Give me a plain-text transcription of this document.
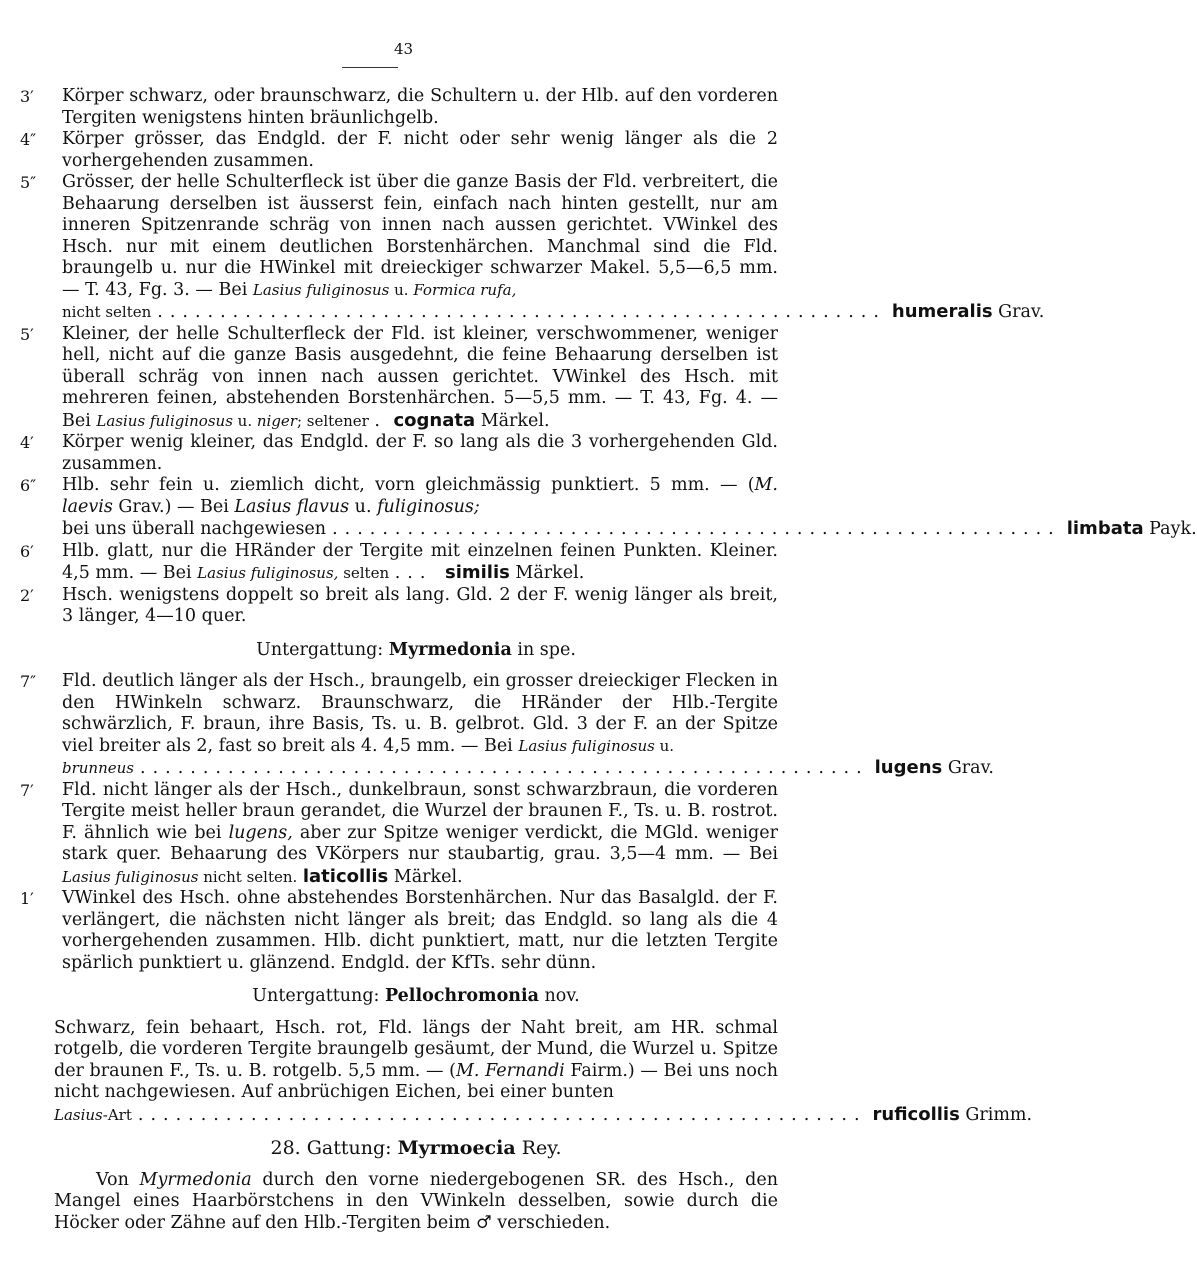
43
3′ Körper schwarz, oder braunschwarz, die Schultern u. der Hlb. auf den vorderen Tergiten wenigstens hinten bräunlichgelb.
4″ Körper grösser, das Endgld. der F. nicht oder sehr wenig länger als die 2 vorhergehenden zusammen.
5″ Grösser, der helle Schulterfleck ist über die ganze Basis der Fld. verbreitert, die Behaarung derselben ist äusserst fein, einfach nach hinten gestellt, nur am inneren Spitzenrande schräg von innen nach aussen gerichtet. VWinkel des Hsch. nur mit einem deutlichen Borstenhärchen. Manchmal sind die Fld. braungelb u. nur die HWinkel mit dreieckiger schwarzer Makel. 5,5—6,5 mm. — T. 43, Fg. 3. — Bei Lasius fuliginosus u. Formica rufa,
nicht selten .......................................................... humeralis Grav.
5′ Kleiner, der helle Schulterfleck der Fld. ist kleiner, verschwommener, weniger hell, nicht auf die ganze Basis ausgedehnt, die feine Behaarung derselben ist überall schräg von innen nach aussen gerichtet. VWinkel des Hsch. mit mehreren feinen, abstehenden Borstenhärchen. 5—5,5 mm. — T. 43, Fg. 4. — Bei Lasius fuliginosus u. niger; seltener . cognata Märkel.
4′ Körper wenig kleiner, das Endgld. der F. so lang als die 3 vorhergehenden Gld. zusammen.
6″ Hlb. sehr fein u. ziemlich dicht, vorn gleichmässig punktiert. 5 mm. — (M. laevis Grav.) — Bei Lasius flavus u. fuliginosus;
bei uns überall nachgewiesen .......................................................... limbata Payk.
6′ Hlb. glatt, nur die HRänder der Tergite mit einzelnen feinen Punkten. Kleiner. 4,5 mm. — Bei Lasius fuliginosus, selten ... similis Märkel.
2′ Hsch. wenigstens doppelt so breit als lang. Gld. 2 der F. wenig länger als breit, 3 länger, 4—10 quer.
Untergattung: Myrmedonia in spe.
7″ Fld. deutlich länger als der Hsch., braungelb, ein grosser dreieckiger Flecken in den HWinkeln schwarz. Braunschwarz, die HRänder der Hlb.-Tergite schwärzlich, F. braun, ihre Basis, Ts. u. B. gelbrot. Gld. 3 der F. an der Spitze viel breiter als 2, fast so breit als 4. 4,5 mm. — Bei Lasius fuliginosus u.
brunneus .......................................................... lugens Grav.
7′ Fld. nicht länger als der Hsch., dunkelbraun, sonst schwarzbraun, die vorderen Tergite meist heller braun gerandet, die Wurzel der braunen F., Ts. u. B. rostrot. F. ähnlich wie bei lugens, aber zur Spitze weniger verdickt, die MGld. weniger stark quer. Behaarung des VKörpers nur staubartig, grau. 3,5—4 mm. — Bei Lasius fuliginosus nicht selten. laticollis Märkel.
1′ VWinkel des Hsch. ohne abstehendes Borstenhärchen. Nur das Basalgld. der F. verlängert, die nächsten nicht länger als breit; das Endgld. so lang als die 4 vorhergehenden zusammen. Hlb. dicht punktiert, matt, nur die letzten Tergite spärlich punktiert u. glänzend. Endgld. der KfTs. sehr dünn.
Untergattung: Pellochromonia nov.
Schwarz, fein behaart, Hsch. rot, Fld. längs der Naht breit, am HR. schmal rotgelb, die vorderen Tergite braungelb gesäumt, der Mund, die Wurzel u. Spitze der braunen F., Ts. u. B. rotgelb. 5,5 mm. — (M. Fernandi Fairm.) — Bei uns noch nicht nachgewiesen. Auf anbrüchigen Eichen, bei einer bunten
Lasius-Art .......................................................... ruficollis Grimm.
28. Gattung: Myrmoecia Rey.
Von Myrmedonia durch den vorne niedergebogenen SR. des Hsch., den Mangel eines Haarbörstchens in den VWinkeln desselben, sowie durch die Höcker oder Zähne auf den Hlb.-Tergiten beim ♂ verschieden.
